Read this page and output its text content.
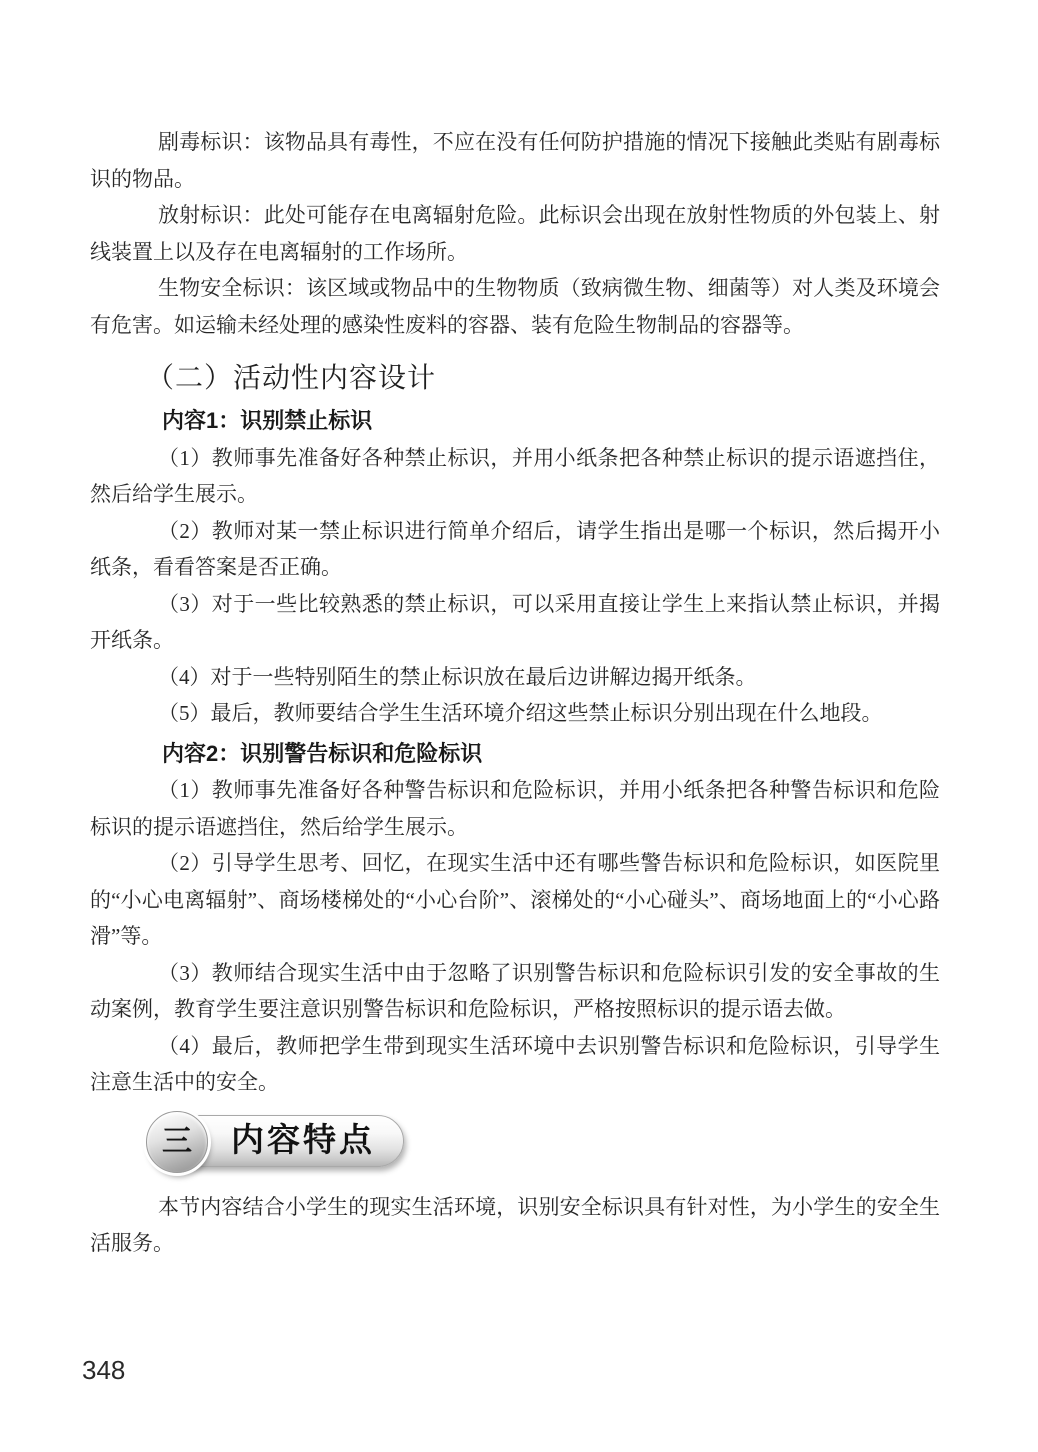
剧毒标识：该物品具有毒性，不应在没有任何防护措施的情况下接触此类贴有剧毒标识的物品。

放射标识：此处可能存在电离辐射危险。此标识会出现在放射性物质的外包装上、射线装置上以及存在电离辐射的工作场所。

生物安全标识：该区域或物品中的生物物质（致病微生物、细菌等）对人类及环境会有危害。如运输未经处理的感染性废料的容器、装有危险生物制品的容器等。

（二）活动性内容设计
内容1：识别禁止标识

（1）教师事先准备好各种禁止标识，并用小纸条把各种禁止标识的提示语遮挡住，然后给学生展示。

（2）教师对某一禁止标识进行简单介绍后，请学生指出是哪一个标识，然后揭开小纸条，看看答案是否正确。

（3）对于一些比较熟悉的禁止标识，可以采用直接让学生上来指认禁止标识，并揭开纸条。

（4）对于一些特别陌生的禁止标识放在最后边讲解边揭开纸条。

（5）最后，教师要结合学生生活环境介绍这些禁止标识分别出现在什么地段。

内容2：识别警告标识和危险标识

（1）教师事先准备好各种警告标识和危险标识，并用小纸条把各种警告标识和危险标识的提示语遮挡住，然后给学生展示。

（2）引导学生思考、回忆，在现实生活中还有哪些警告标识和危险标识，如医院里的“小心电离辐射”、商场楼梯处的“小心台阶”、滚梯处的“小心碰头”、商场地面上的“小心路滑”等。

（3）教师结合现实生活中由于忽略了识别警告标识和危险标识引发的安全事故的生动案例，教育学生要注意识别警告标识和危险标识，严格按照标识的提示语去做。

（4）最后，教师把学生带到现实生活环境中去识别警告标识和危险标识，引导学生注意生活中的安全。

三 内容特点

本节内容结合小学生的现实生活环境，识别安全标识具有针对性，为小学生的安全生活服务。

348
